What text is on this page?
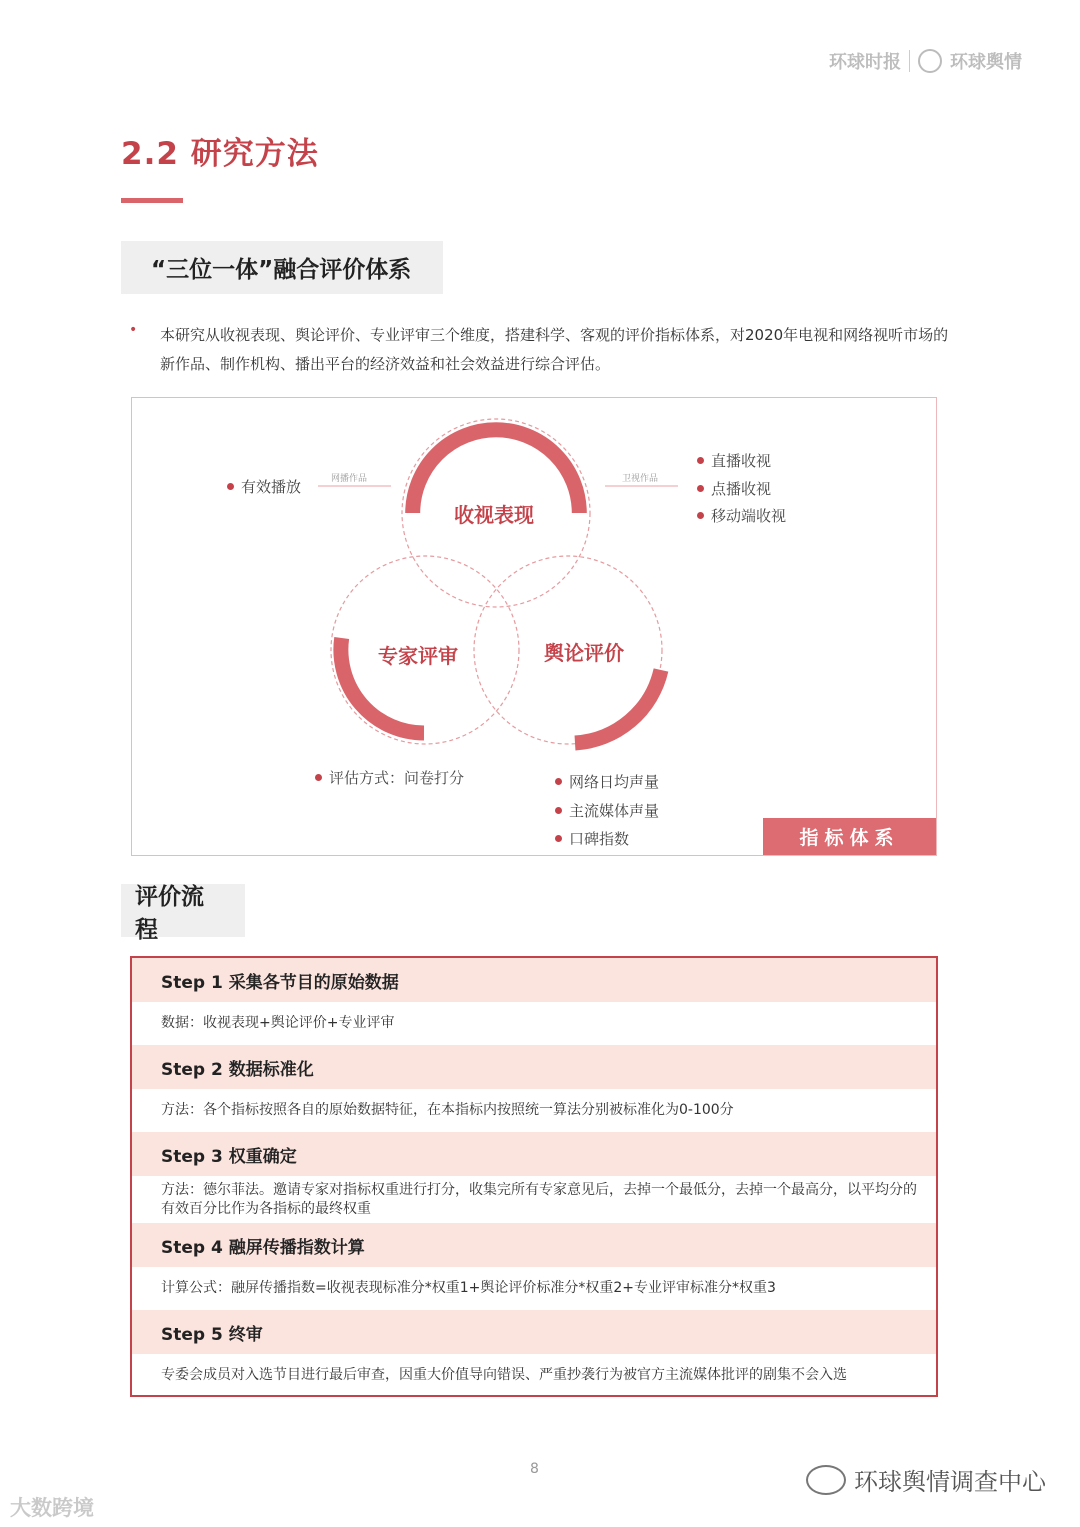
环球时报	环球舆情
2.2 研究方法
“三位一体”融合评价体系
• 本研究从收视表现、舆论评价、专业评审三个维度，搭建科学、客观的评价指标体系，对2020年电视和网络视听市场的新作品、制作机构、播出平台的经济效益和社会效益进行综合评估。
收视表现
专家评审	舆论评价
网播作品	卫视作品
有效播放
直播收视
点播收视
移动端收视
评估方式：问卷打分	网络日均声量
主流媒体声量
口碑指数	指标体系
评价流程
Step 1 采集各节目的原始数据
数据：收视表现+舆论评价+专业评审
Step 2 数据标准化
方法：各个指标按照各自的原始数据特征，在本指标内按照统一算法分别被标准化为0-100分
Step 3 权重确定
方法：德尔菲法。邀请专家对指标权重进行打分，收集完所有专家意见后，去掉一个最低分，去掉一个最高分，以平均分的有效百分比作为各指标的最终权重
Step 4 融屏传播指数计算
计算公式：融屏传播指数=收视表现标准分*权重1+舆论评价标准分*权重2+专业评审标准分*权重3
Step 5 终审
专委会成员对入选节目进行最后审查，因重大价值导向错误、严重抄袭行为被官方主流媒体批评的剧集不会入选
8	环球舆情调查中心
大数跨境
